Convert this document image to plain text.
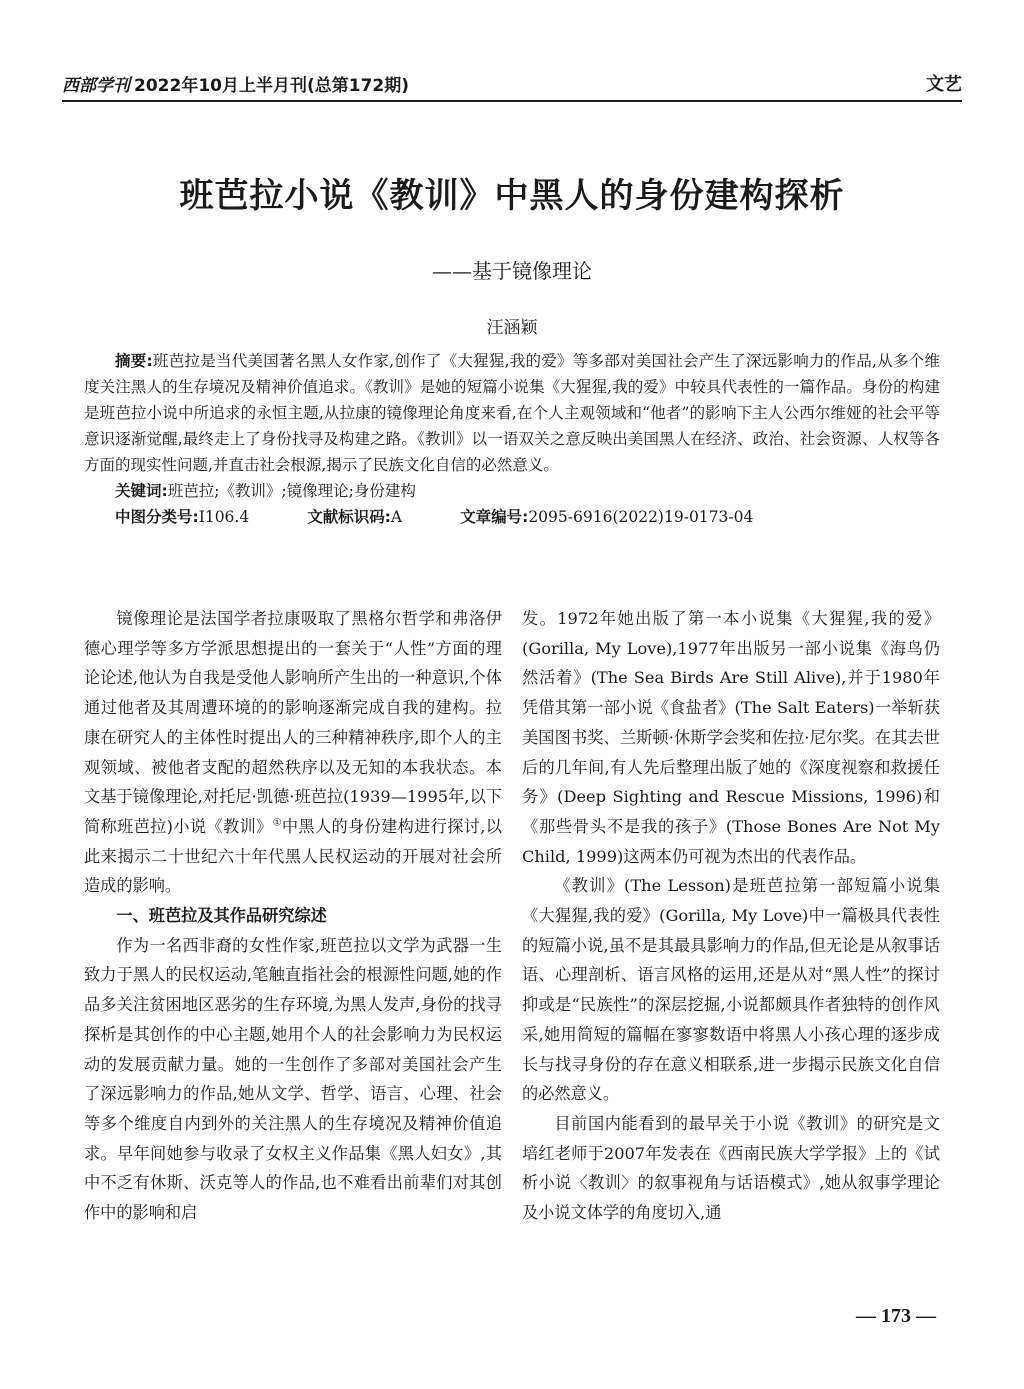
西部学刊 2022年10月上半月刊(总第172期)	文艺
班芭拉小说《教训》中黑人的身份建构探析
——基于镜像理论
汪涵颖
摘要:班芭拉是当代美国著名黑人女作家,创作了《大猩猩,我的爱》等多部对美国社会产生了深远影响力的作品,从多个维度关注黑人的生存境况及精神价值追求。《教训》是她的短篇小说集《大猩猩,我的爱》中较具代表性的一篇作品。身份的构建是班芭拉小说中所追求的永恒主题,从拉康的镜像理论角度来看,在个人主观领域和“他者”的影响下主人公西尔维娅的社会平等意识逐渐觉醒,最终走上了身份找寻及构建之路。《教训》以一语双关之意反映出美国黑人在经济、政治、社会资源、人权等各方面的现实性问题,并直击社会根源,揭示了民族文化自信的必然意义。
关键词:班芭拉;《教训》;镜像理论;身份建构
中图分类号:I106.4	文献标识码:A	文章编号:2095-6916(2022)19-0173-04

镜像理论是法国学者拉康吸取了黑格尔哲学和弗洛伊德心理学等多方学派思想提出的一套关于“人性”方面的理论论述,他认为自我是受他人影响所产生出的一种意识,个体通过他者及其周遭环境的的影响逐渐完成自我的建构。拉康在研究人的主体性时提出人的三种精神秩序,即个人的主观领域、被他者支配的超然秩序以及无知的本我状态。本文基于镜像理论,对托尼·凯德·班芭拉(1939—1995年,以下简称班芭拉)小说《教训》①中黑人的身份建构进行探讨,以此来揭示二十世纪六十年代黑人民权运动的开展对社会所造成的影响。

一、班芭拉及其作品研究综述

作为一名西非裔的女性作家,班芭拉以文学为武器一生致力于黑人的民权运动,笔触直指社会的根源性问题,她的作品多关注贫困地区恶劣的生存环境,为黑人发声,身份的找寻探析是其创作的中心主题,她用个人的社会影响力为民权运动的发展贡献力量。她的一生创作了多部对美国社会产生了深远影响力的作品,她从文学、哲学、语言、心理、社会等多个维度自内到外的关注黑人的生存境况及精神价值追求。早年间她参与收录了女权主义作品集《黑人妇女》,其中不乏有休斯、沃克等人的作品,也不难看出前辈们对其创作中的影响和启

发。1972年她出版了第一本小说集《大猩猩,我的爱》(Gorilla, My Love),1977年出版另一部小说集《海鸟仍然活着》(The Sea Birds Are Still Alive),并于1980年凭借其第一部小说《食盐者》(The Salt Eaters)一举斩获美国图书奖、兰斯顿·休斯学会奖和佐拉·尼尔奖。在其去世后的几年间,有人先后整理出版了她的《深度视察和救援任务》(Deep Sighting and Rescue Missions, 1996)和《那些骨头不是我的孩子》(Those Bones Are Not My Child, 1999)这两本仍可视为杰出的代表作品。

《教训》(The Lesson)是班芭拉第一部短篇小说集《大猩猩,我的爱》(Gorilla, My Love)中一篇极具代表性的短篇小说,虽不是其最具影响力的作品,但无论是从叙事话语、心理剖析、语言风格的运用,还是从对“黑人性”的探讨抑或是“民族性”的深层挖掘,小说都颇具作者独特的创作风采,她用简短的篇幅在寥寥数语中将黑人小孩心理的逐步成长与找寻身份的存在意义相联系,进一步揭示民族文化自信的必然意义。

目前国内能看到的最早关于小说《教训》的研究是文培红老师于2007年发表在《西南民族大学学报》上的《试析小说〈教训〉的叙事视角与话语模式》,她从叙事学理论及小说文体学的角度切入,通

— 173 —
